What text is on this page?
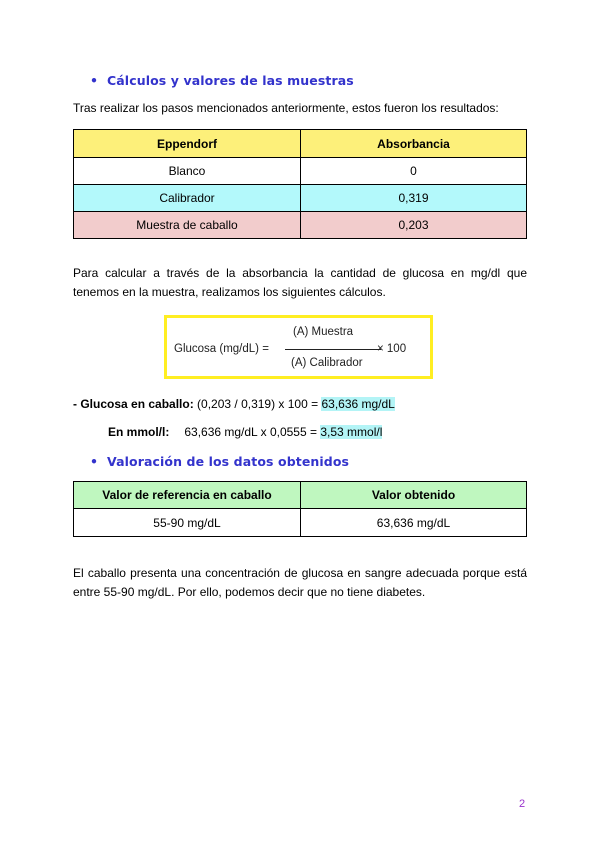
• Cálculos y valores de las muestras
Tras realizar los pasos mencionados anteriormente, estos fueron los resultados:
Eppendorf	Absorbancia
Blanco	0
Calibrador	0,319
Muestra de caballo	0,203
Para calcular a través de la absorbancia la cantidad de glucosa en mg/dl que tenemos en la muestra, realizamos los siguientes cálculos.
Glucosa (mg/dL) =
(A) Muestra
(A) Calibrador
× 100
- Glucosa en caballo: (0,203 / 0,319) x 100 = 63,636 mg/dL
En mmol/l: 63,636 mg/dL x 0,0555 = 3,53 mmol/l
• Valoración de los datos obtenidos
Valor de referencia en caballo	Valor obtenido
55-90 mg/dL	63,636 mg/dL
El caballo presenta una concentración de glucosa en sangre adecuada porque está entre 55-90 mg/dL. Por ello, podemos decir que no tiene diabetes.
2
